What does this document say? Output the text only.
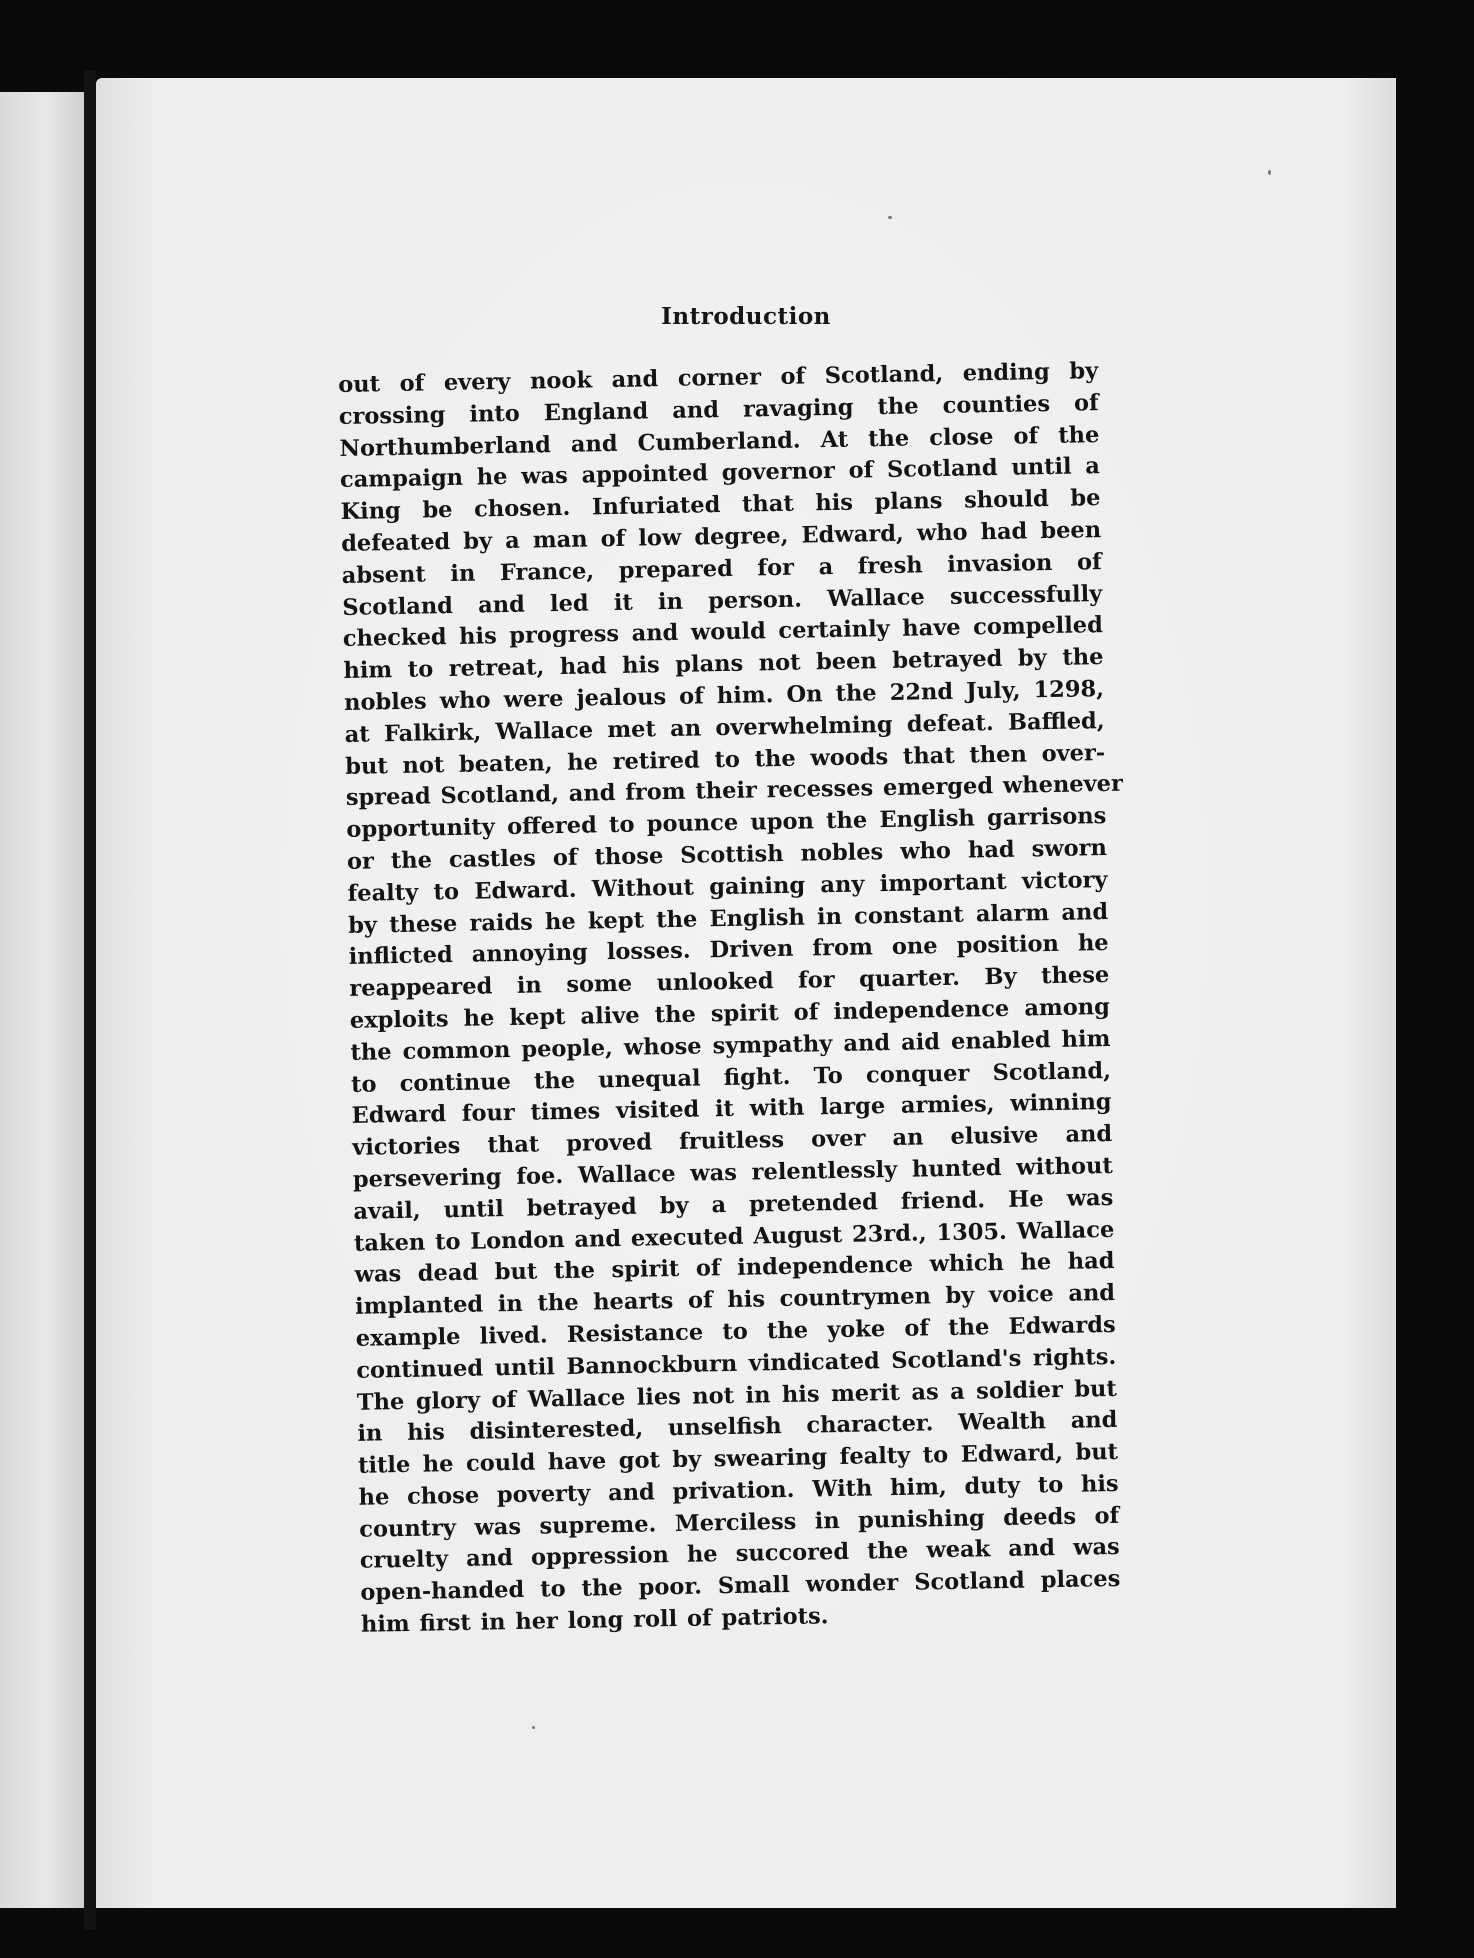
Introduction
out of every nook and corner of Scotland, ending by
crossing into England and ravaging the counties of
Northumberland and Cumberland. At the close of the
campaign he was appointed governor of Scotland until a
King be chosen. Infuriated that his plans should be
defeated by a man of low degree, Edward, who had been
absent in France, prepared for a fresh invasion of
Scotland and led it in person. Wallace successfully
checked his progress and would certainly have compelled
him to retreat, had his plans not been betrayed by the
nobles who were jealous of him. On the 22nd July, 1298,
at Falkirk, Wallace met an overwhelming defeat. Baffled,
but not beaten, he retired to the woods that then over-
spread Scotland, and from their recesses emerged whenever
opportunity offered to pounce upon the English garrisons
or the castles of those Scottish nobles who had sworn
fealty to Edward. Without gaining any important victory
by these raids he kept the English in constant alarm and
inflicted annoying losses. Driven from one position he
reappeared in some unlooked for quarter. By these
exploits he kept alive the spirit of independence among
the common people, whose sympathy and aid enabled him
to continue the unequal fight. To conquer Scotland,
Edward four times visited it with large armies, winning
victories that proved fruitless over an elusive and
persevering foe. Wallace was relentlessly hunted without
avail, until betrayed by a pretended friend. He was
taken to London and executed August 23rd., 1305. Wallace
was dead but the spirit of independence which he had
implanted in the hearts of his countrymen by voice and
example lived. Resistance to the yoke of the Edwards
continued until Bannockburn vindicated Scotland's rights.
The glory of Wallace lies not in his merit as a soldier but
in his disinterested, unselfish character. Wealth and
title he could have got by swearing fealty to Edward, but
he chose poverty and privation. With him, duty to his
country was supreme. Merciless in punishing deeds of
cruelty and oppression he succored the weak and was
open-handed to the poor. Small wonder Scotland places
him first in her long roll of patriots.
